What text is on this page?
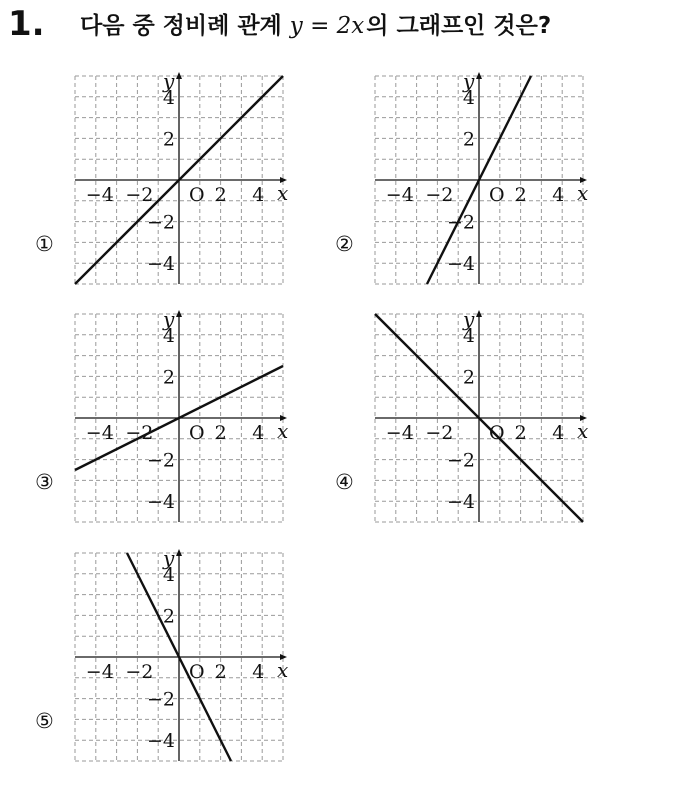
1. 다음 중 정비례 관계 y = 2x의 그래프인 것은?
x
y
−4 −2 O 2 4
4
2
−2
−4
①
x
y
−4 −2 O 2 4
4
2
−2
−4
②
x
y
−4 −2 O 2 4
4
2
−2
−4
③
x
y
−4 −2 O 2 4
4
2
−2
−4
④
x
y
−4 −2 O 2 4
4
2
−2
−4
⑤
